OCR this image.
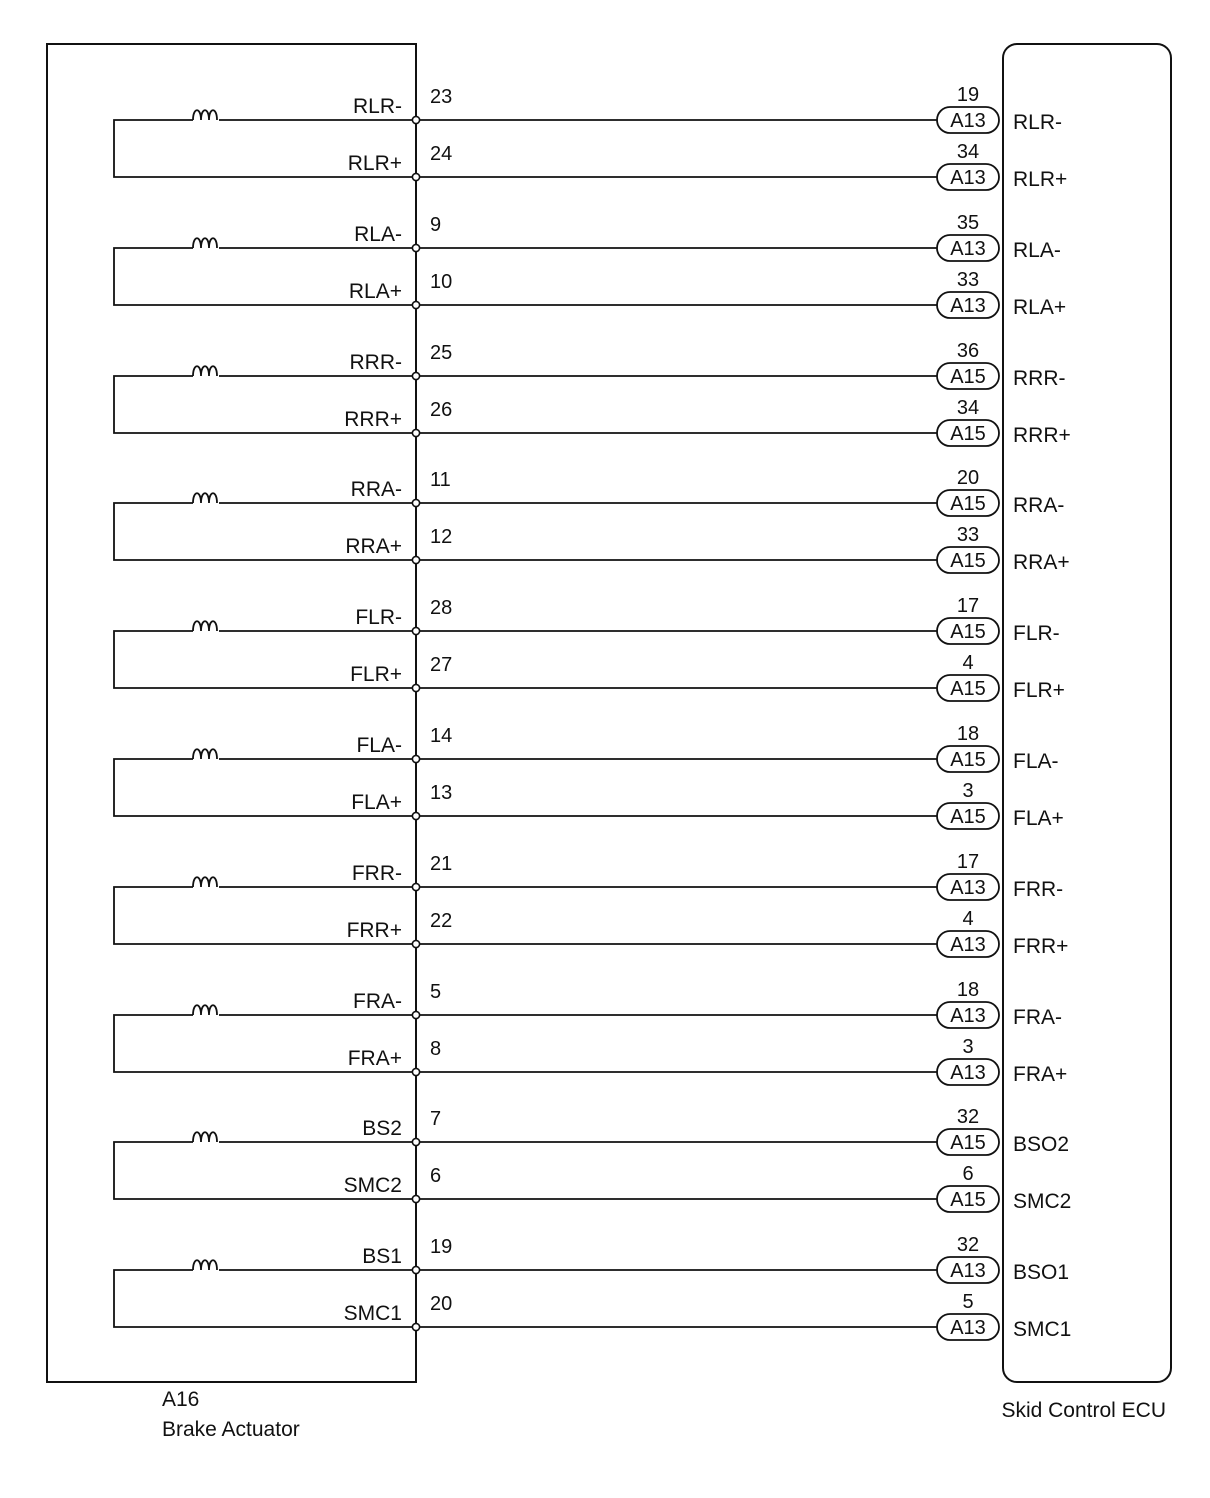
RLR- 23
A13
19
RLR-
RLR+ 24
A13
34
RLR+
RLA- 9
A13
35
RLA-
RLA+ 10
A13
33
RLA+
RRR- 25
A15
36
RRR-
RRR+ 26
A15
34
RRR+
RRA- 11
A15
20
RRA-
RRA+ 12
A15
33
RRA+
FLR- 28
A15
17
FLR-
FLR+ 27
A15
4
FLR+
FLA- 14
A15
18
FLA-
FLA+ 13
A15
3
FLA+
FRR- 21
A13
17
FRR-
FRR+ 22
A13
4
FRR+
FRA- 5
A13
18
FRA-
FRA+ 8
A13
3
FRA+
BS2 7
A15
32
BSO2
SMC2 6
A15
6
SMC2
BS1 19
A13
32
BSO1
SMC1 20
A13
5
SMC1
A16
Brake Actuator
Skid Control ECU
